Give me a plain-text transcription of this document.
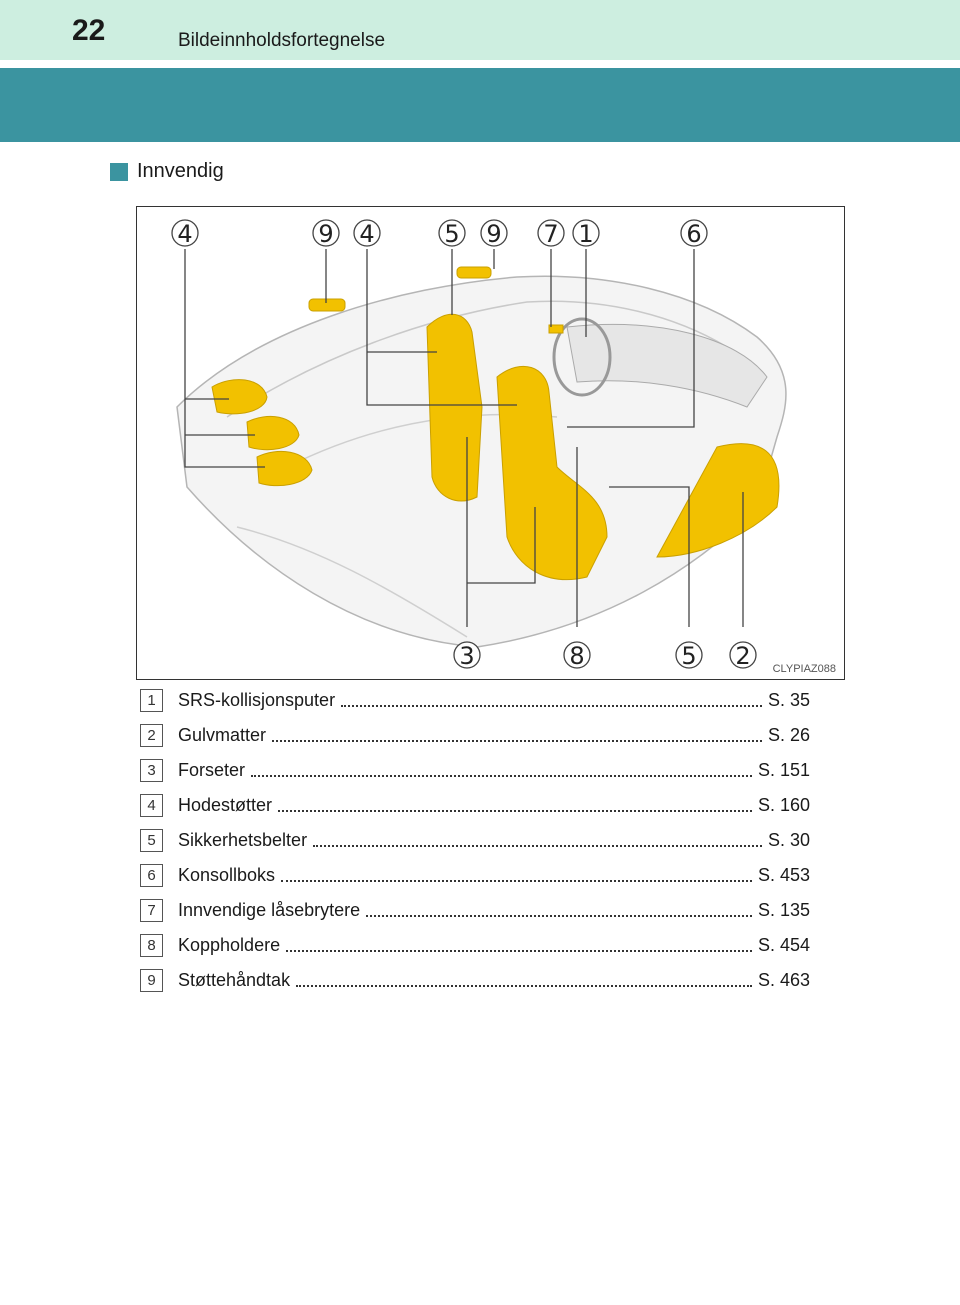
22	Bildeinnholdsfortegnelse
Innvendig
4	9 4	5 9 7 1	6
3	8	5 2 CLYPIAZ088
1	SRS-kollisjonsputer	S. 35
2	Gulvmatter	S. 26
3	Forseter	S. 151
4	Hodestøtter	S. 160
5	Sikkerhetsbelter	S. 30
6	Konsollboks	S. 453
7	Innvendige låsebrytere	S. 135
8	Koppholdere	S. 454
9	Støttehåndtak	S. 463
